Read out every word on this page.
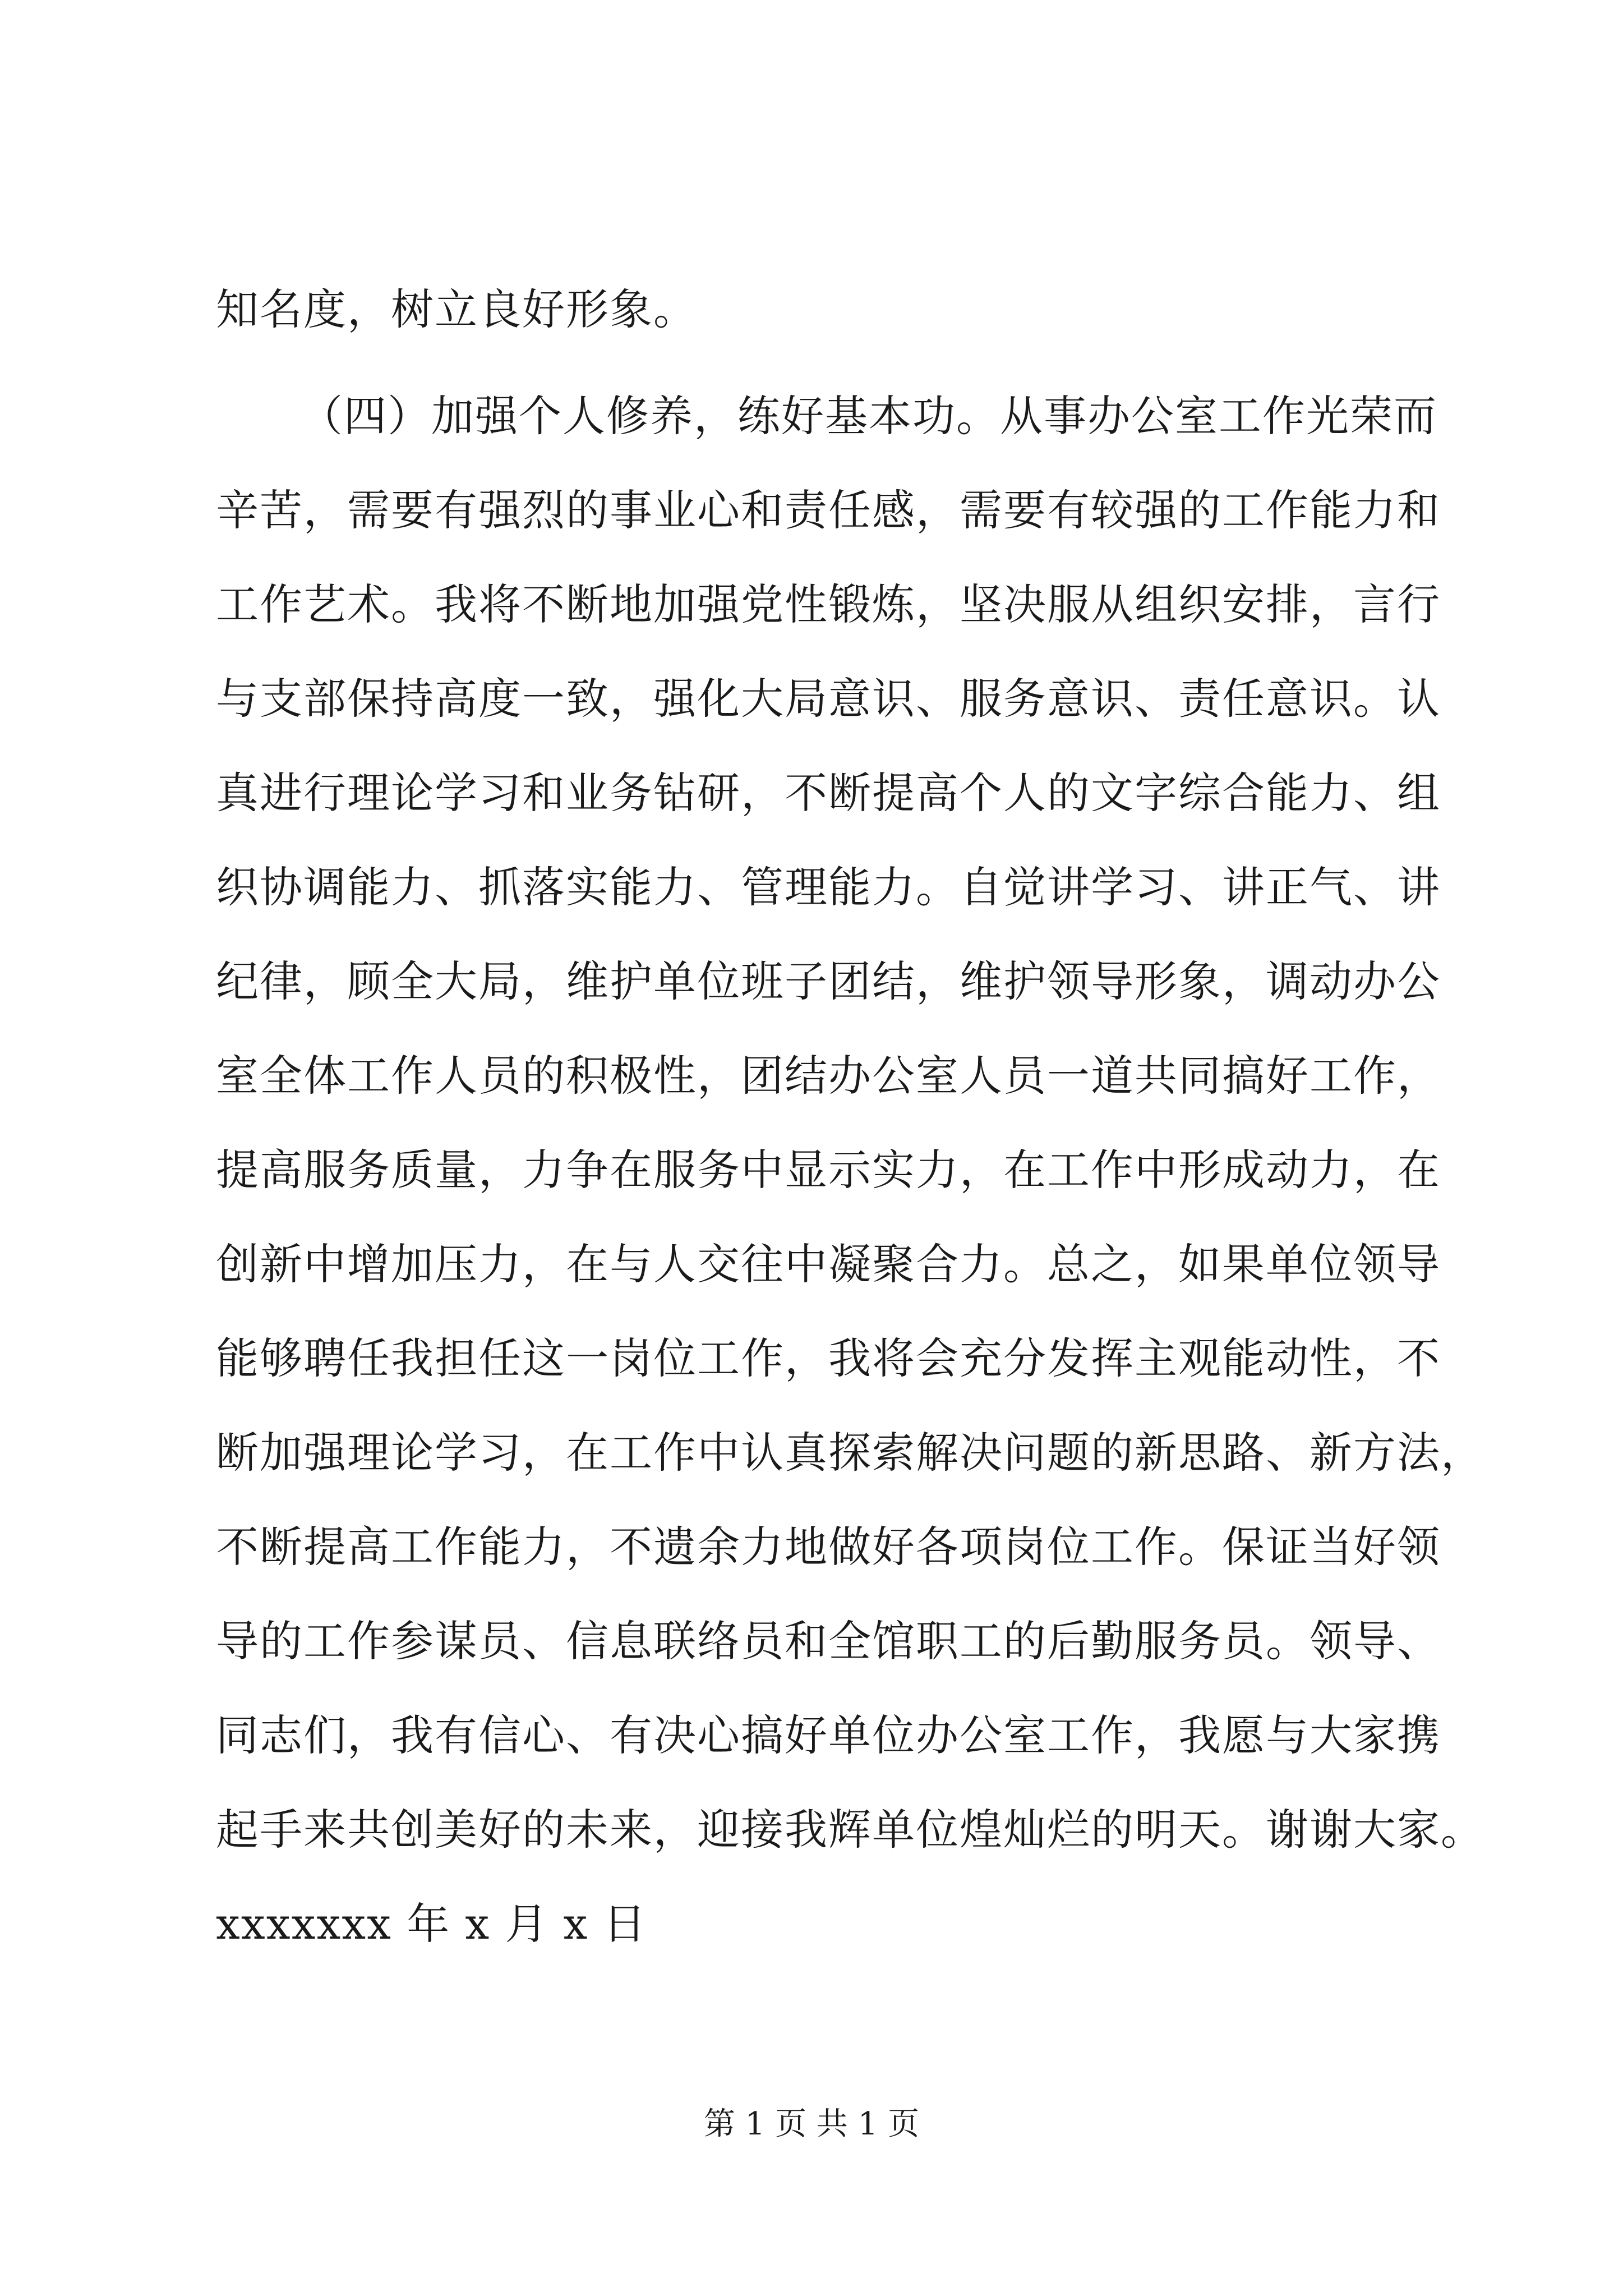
知名度，树立良好形象。
（四）加强个人修养，练好基本功。从事办公室工作光荣而
辛苦，需要有强烈的事业心和责任感，需要有较强的工作能力和
工作艺术。我将不断地加强党性锻炼，坚决服从组织安排，言行
与支部保持高度一致，强化大局意识、服务意识、责任意识。认
真进行理论学习和业务钻研，不断提高个人的文字综合能力、组
织协调能力、抓落实能力、管理能力。自觉讲学习、讲正气、讲
纪律，顾全大局，维护单位班子团结，维护领导形象，调动办公
室全体工作人员的积极性，团结办公室人员一道共同搞好工作，
提高服务质量，力争在服务中显示实力，在工作中形成动力，在
创新中增加压力，在与人交往中凝聚合力。总之，如果单位领导
能够聘任我担任这一岗位工作，我将会充分发挥主观能动性，不
断加强理论学习，在工作中认真探索解决问题的新思路、新方法，
不断提高工作能力，不遗余力地做好各项岗位工作。保证当好领
导的工作参谋员、信息联络员和全馆职工的后勤服务员。领导、
同志们，我有信心、有决心搞好单位办公室工作，我愿与大家携
起手来共创美好的未来，迎接我辉单位煌灿烂的明天。谢谢大家。
xxxxxxx 年 x 月 x 日
第 1 页 共 1 页
